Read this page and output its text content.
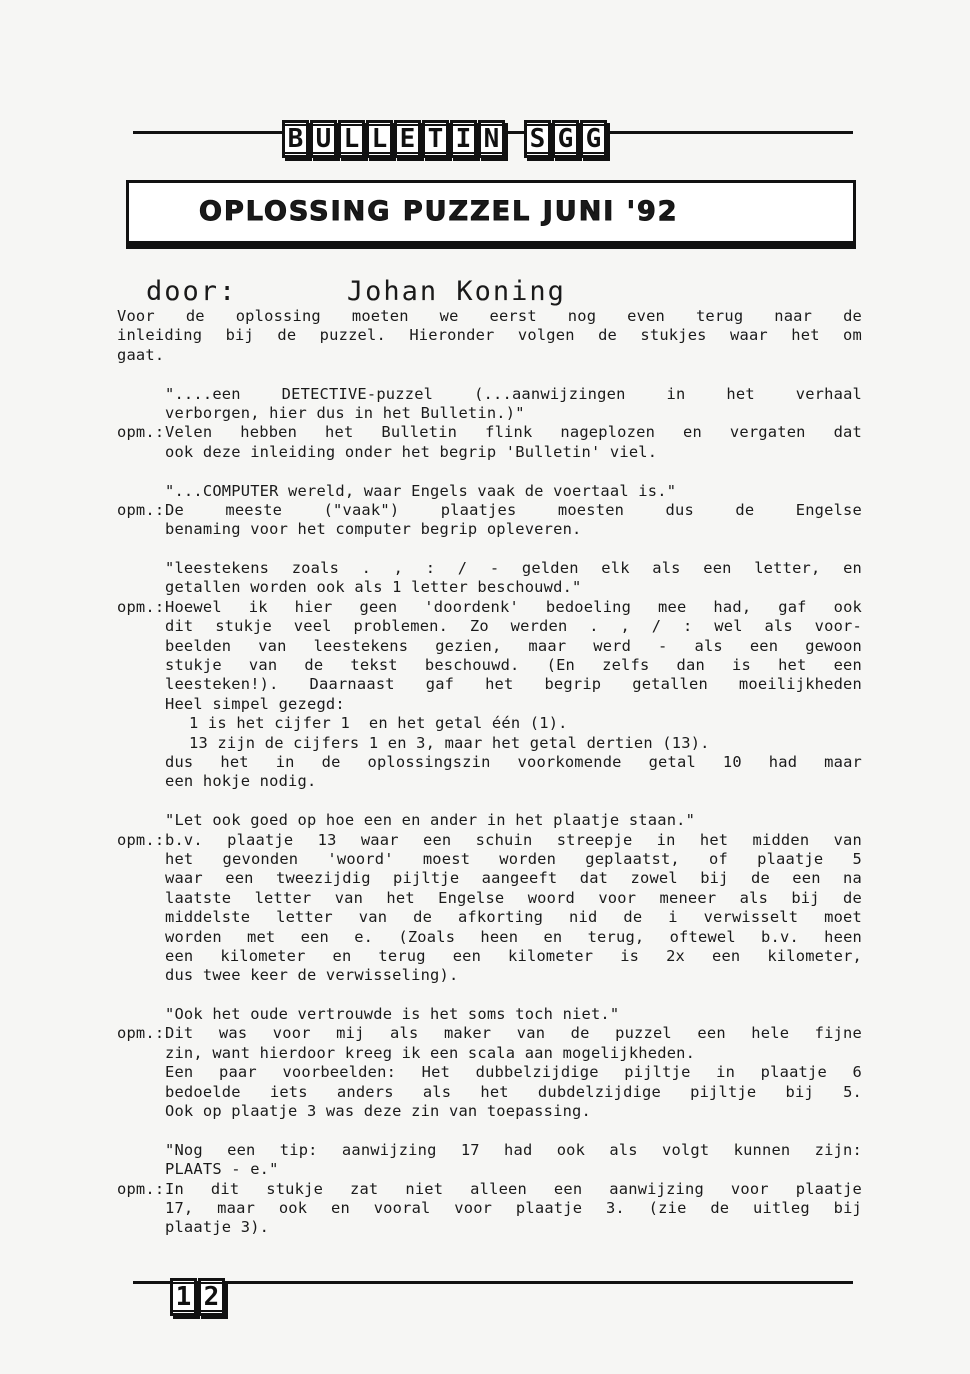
B U L L E T I N S G G
OPLOSSING PUZZEL JUNI '92
door:	Johan Koning
Voor de oplossing moeten we eerst nog even terug naar de
inleiding bij de puzzel. Hieronder volgen de stukjes waar het om
gaat.
"....een DETECTIVE-puzzel (...aanwijzingen in het verhaal
verborgen, hier dus in het Bulletin.)"
opm.: Velen hebben het Bulletin flink nageplozen en vergaten dat
ook deze inleiding onder het begrip 'Bulletin' viel.
"...COMPUTER wereld, waar Engels vaak de voertaal is."
opm.: De meeste ("vaak") plaatjes moesten dus de Engelse
benaming voor het computer begrip opleveren.
"leestekens zoals . , : / - gelden elk als een letter, en
getallen worden ook als 1 letter beschouwd."
opm.: Hoewel ik hier geen 'doordenk' bedoeling mee had, gaf ook
dit stukje veel problemen. Zo werden . , / : wel als voor-
beelden van leestekens gezien, maar werd - als een gewoon
stukje van de tekst beschouwd. (En zelfs dan is het een
leesteken!). Daarnaast gaf het begrip getallen moeilijkheden
Heel simpel gezegd:
1 is het cijfer 1  en het getal één (1).
13 zijn de cijfers 1 en 3, maar het getal dertien (13).
dus het in de oplossingszin voorkomende getal 10 had maar
een hokje nodig.
"Let ook goed op hoe een en ander in het plaatje staan."
opm.: b.v. plaatje 13 waar een schuin streepje in het midden van
het gevonden 'woord' moest worden geplaatst, of plaatje 5
waar een tweezijdig pijltje aangeeft dat zowel bij de een na
laatste letter van het Engelse woord voor meneer als bij de
middelste letter van de afkorting nid de i verwisselt moet
worden met een e. (Zoals heen en terug, oftewel b.v. heen
een kilometer en terug een kilometer is 2x een kilometer,
dus twee keer de verwisseling).
"Ook het oude vertrouwde is het soms toch niet."
opm.: Dit was voor mij als maker van de puzzel een hele fijne
zin, want hierdoor kreeg ik een scala aan mogelijkheden.
Een paar voorbeelden: Het dubbelzijdige pijltje in plaatje 6
bedoelde iets anders als het dubdelzijdige pijltje bij 5.
Ook op plaatje 3 was deze zin van toepassing.
"Nog een tip: aanwijzing 17 had ook als volgt kunnen zijn:
PLAATS - e."
opm.: In dit stukje zat niet alleen een aanwijzing voor plaatje
17, maar ook en vooral voor plaatje 3. (zie de uitleg bij
plaatje 3).
1 2
